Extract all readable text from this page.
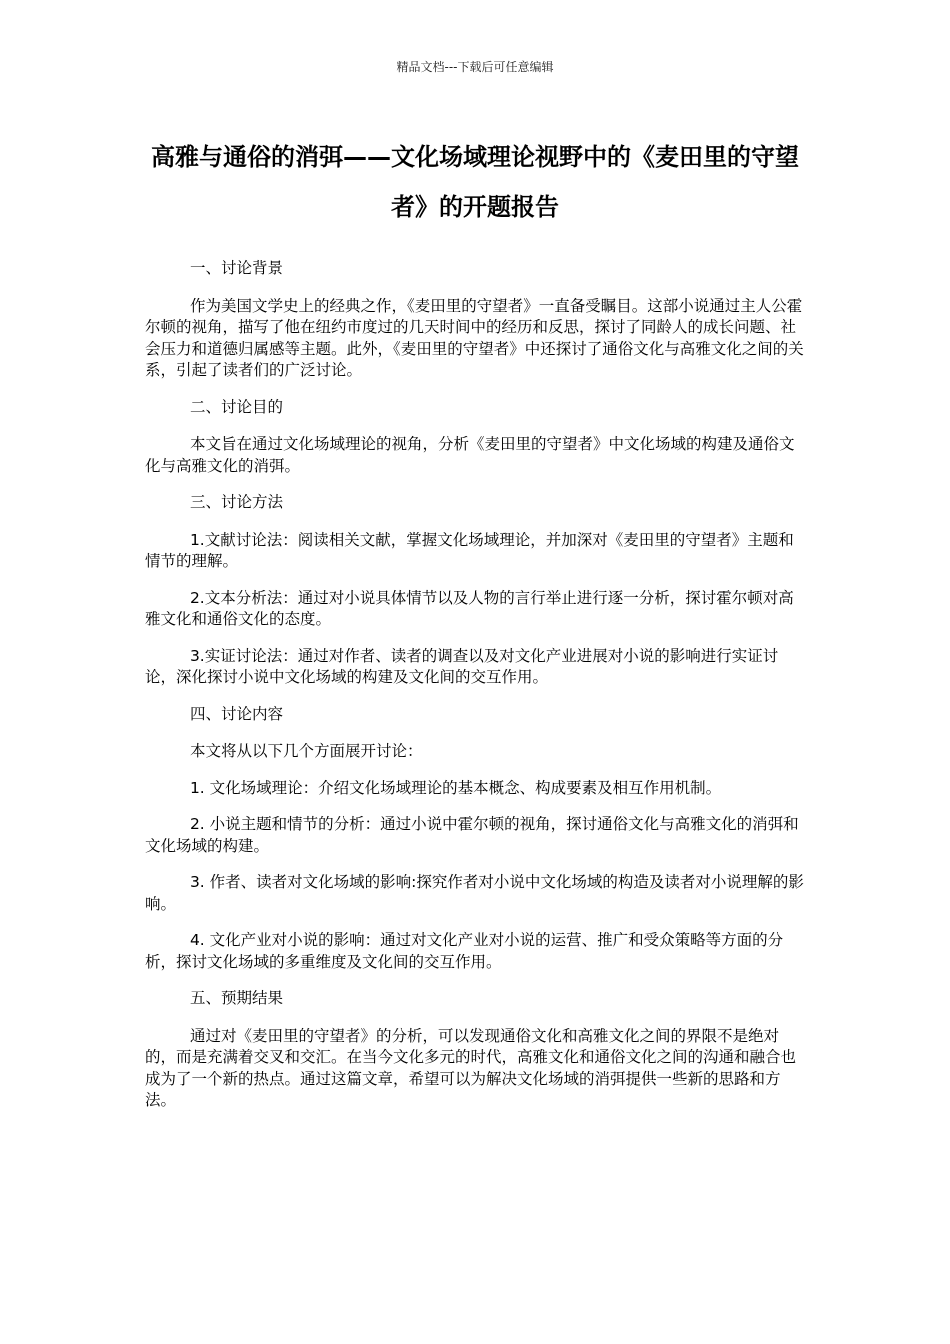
精品文档---下载后可任意编辑
高雅与通俗的消弭——文化场域理论视野中的《麦田里的守望者》的开题报告

一、讨论背景

作为美国文学史上的经典之作，《麦田里的守望者》一直备受瞩目。这部小说通过主人公霍尔顿的视角，描写了他在纽约市度过的几天时间中的经历和反思，探讨了同龄人的成长问题、社会压力和道德归属感等主题。此外，《麦田里的守望者》中还探讨了通俗文化与高雅文化之间的关系，引起了读者们的广泛讨论。

二、讨论目的

本文旨在通过文化场域理论的视角，分析《麦田里的守望者》中文化场域的构建及通俗文化与高雅文化的消弭。

三、讨论方法

1.文献讨论法：阅读相关文献，掌握文化场域理论，并加深对《麦田里的守望者》主题和情节的理解。

2.文本分析法：通过对小说具体情节以及人物的言行举止进行逐一分析，探讨霍尔顿对高雅文化和通俗文化的态度。

3.实证讨论法：通过对作者、读者的调查以及对文化产业进展对小说的影响进行实证讨论，深化探讨小说中文化场域的构建及文化间的交互作用。

四、讨论内容

本文将从以下几个方面展开讨论：

1. 文化场域理论：介绍文化场域理论的基本概念、构成要素及相互作用机制。

2. 小说主题和情节的分析：通过小说中霍尔顿的视角，探讨通俗文化与高雅文化的消弭和文化场域的构建。

3. 作者、读者对文化场域的影响:探究作者对小说中文化场域的构造及读者对小说理解的影响。

4. 文化产业对小说的影响：通过对文化产业对小说的运营、推广和受众策略等方面的分析，探讨文化场域的多重维度及文化间的交互作用。

五、预期结果

通过对《麦田里的守望者》的分析，可以发现通俗文化和高雅文化之间的界限不是绝对的，而是充满着交叉和交汇。在当今文化多元的时代，高雅文化和通俗文化之间的沟通和融合也成为了一个新的热点。通过这篇文章，希望可以为解决文化场域的消弭提供一些新的思路和方法。
